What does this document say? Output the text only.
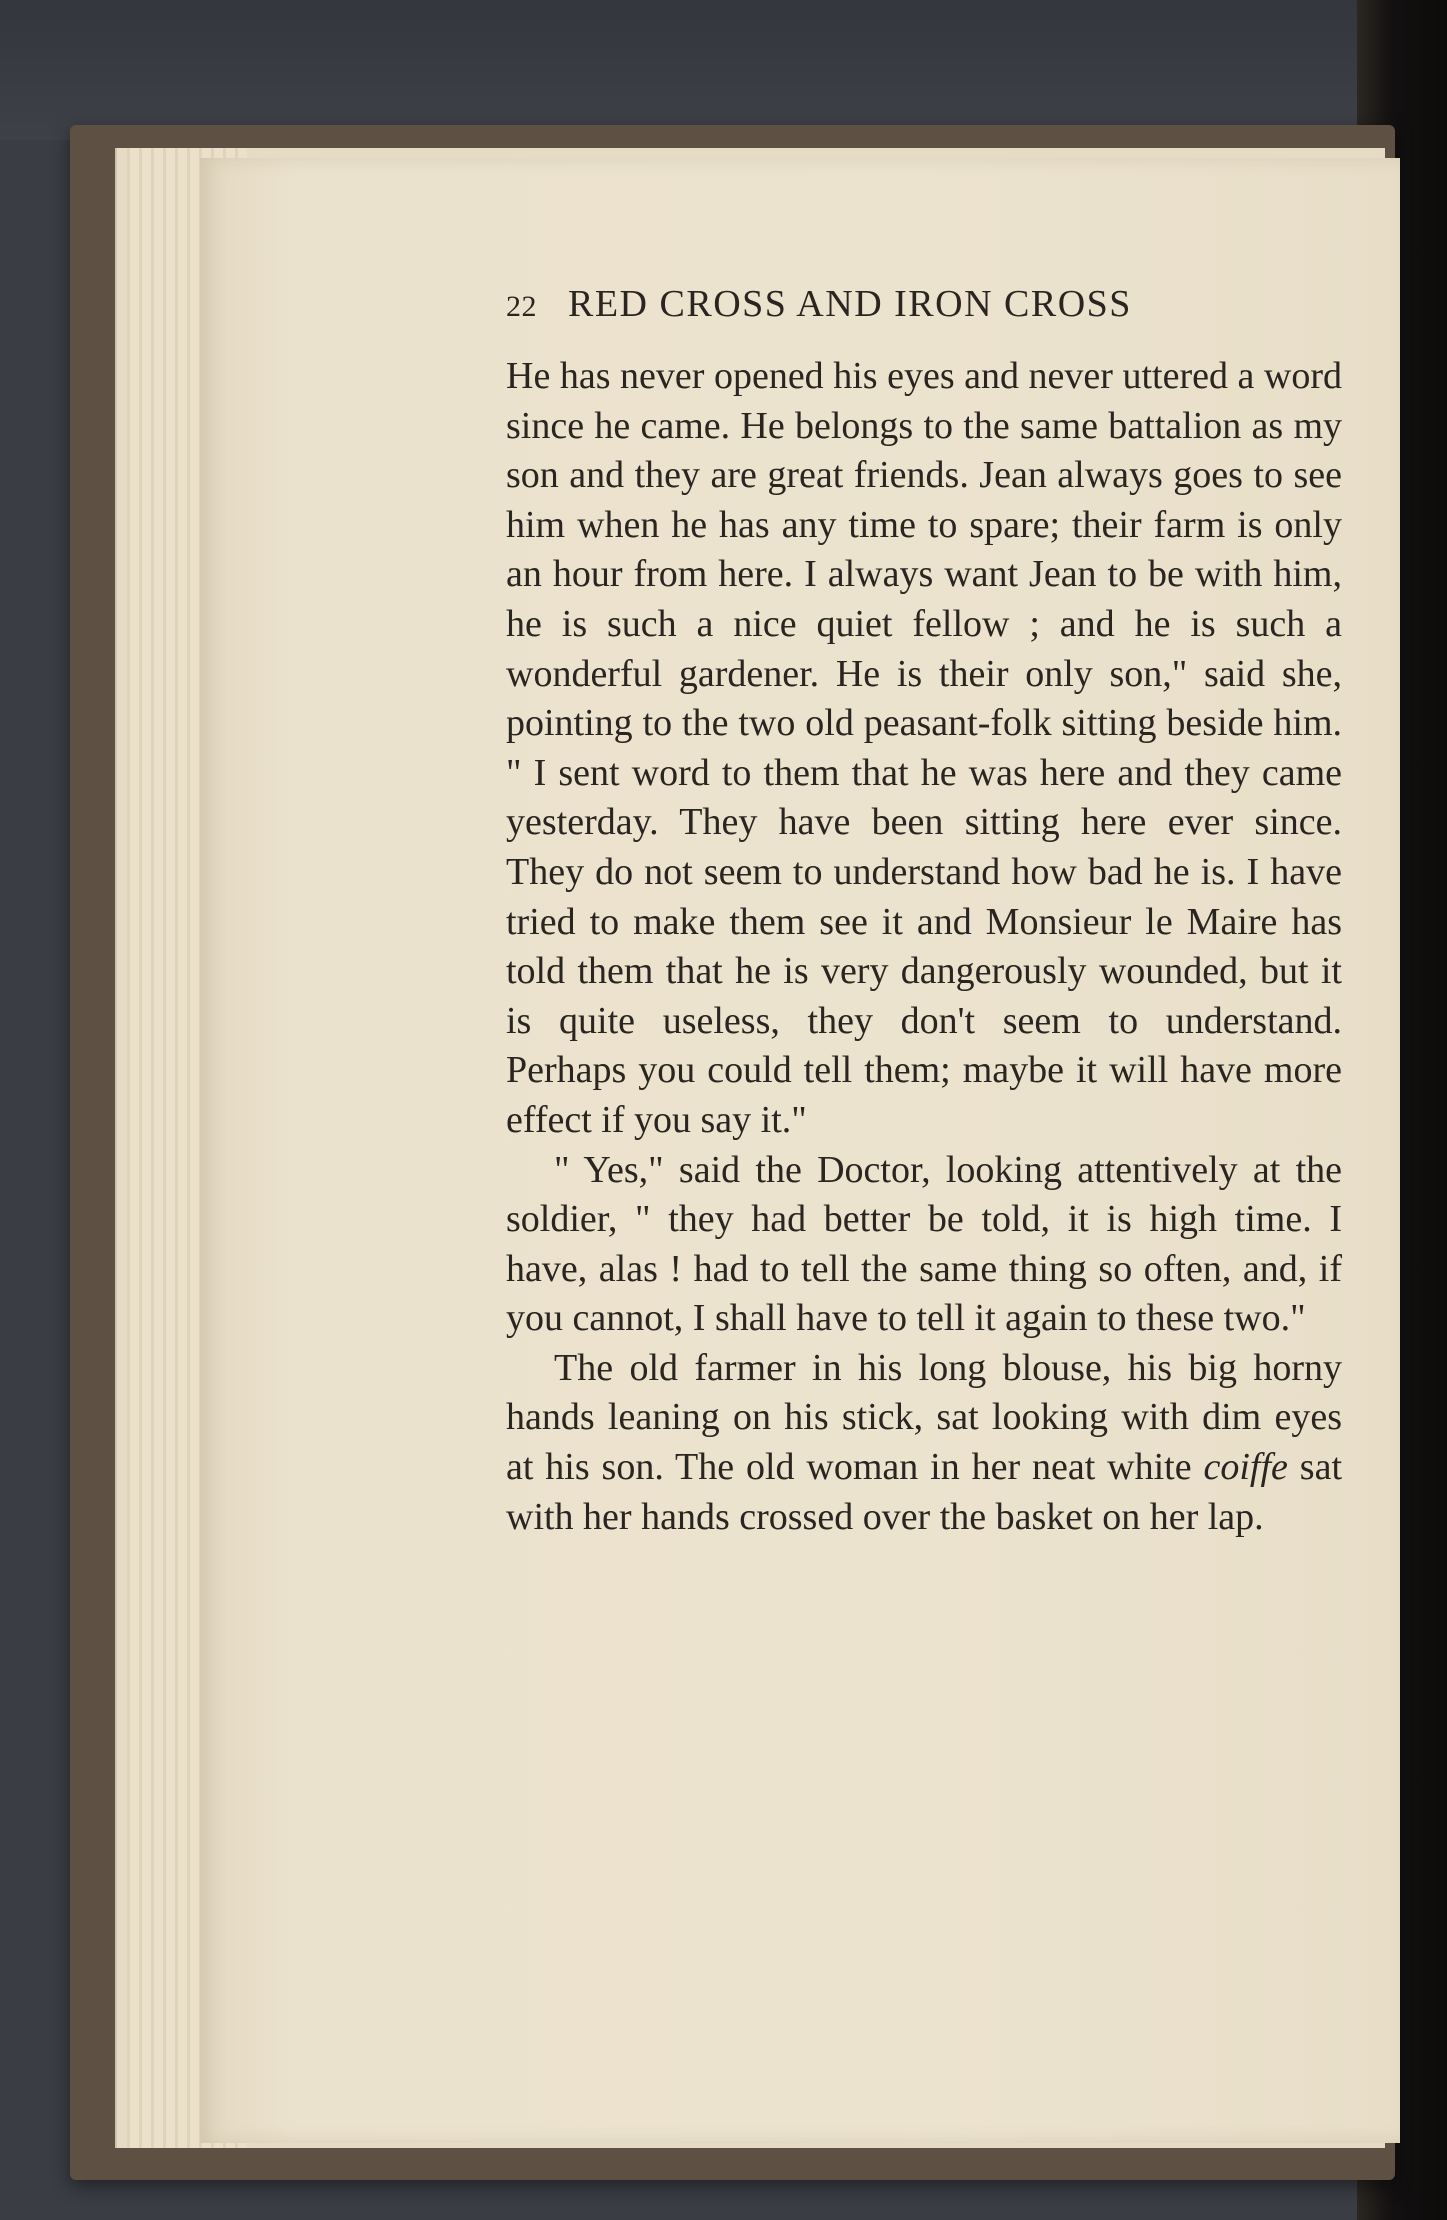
22 RED CROSS AND IRON CROSS

He has never opened his eyes and never uttered a word since he came. He belongs to the same battalion as my son and they are great friends. Jean always goes to see him when he has any time to spare; their farm is only an hour from here. I always want Jean to be with him, he is such a nice quiet fellow ; and he is such a wonderful gardener. He is their only son," said she, pointing to the two old peasant-folk sitting beside him. " I sent word to them that he was here and they came yesterday. They have been sitting here ever since. They do not seem to understand how bad he is. I have tried to make them see it and Monsieur le Maire has told them that he is very dangerously wounded, but it is quite useless, they don't seem to understand. Perhaps you could tell them; maybe it will have more effect if you say it."

" Yes," said the Doctor, looking attentively at the soldier, " they had better be told, it is high time. I have, alas ! had to tell the same thing so often, and, if you cannot, I shall have to tell it again to these two."

The old farmer in his long blouse, his big horny hands leaning on his stick, sat looking with dim eyes at his son. The old woman in her neat white coiffe sat with her hands crossed over the basket on her lap.
